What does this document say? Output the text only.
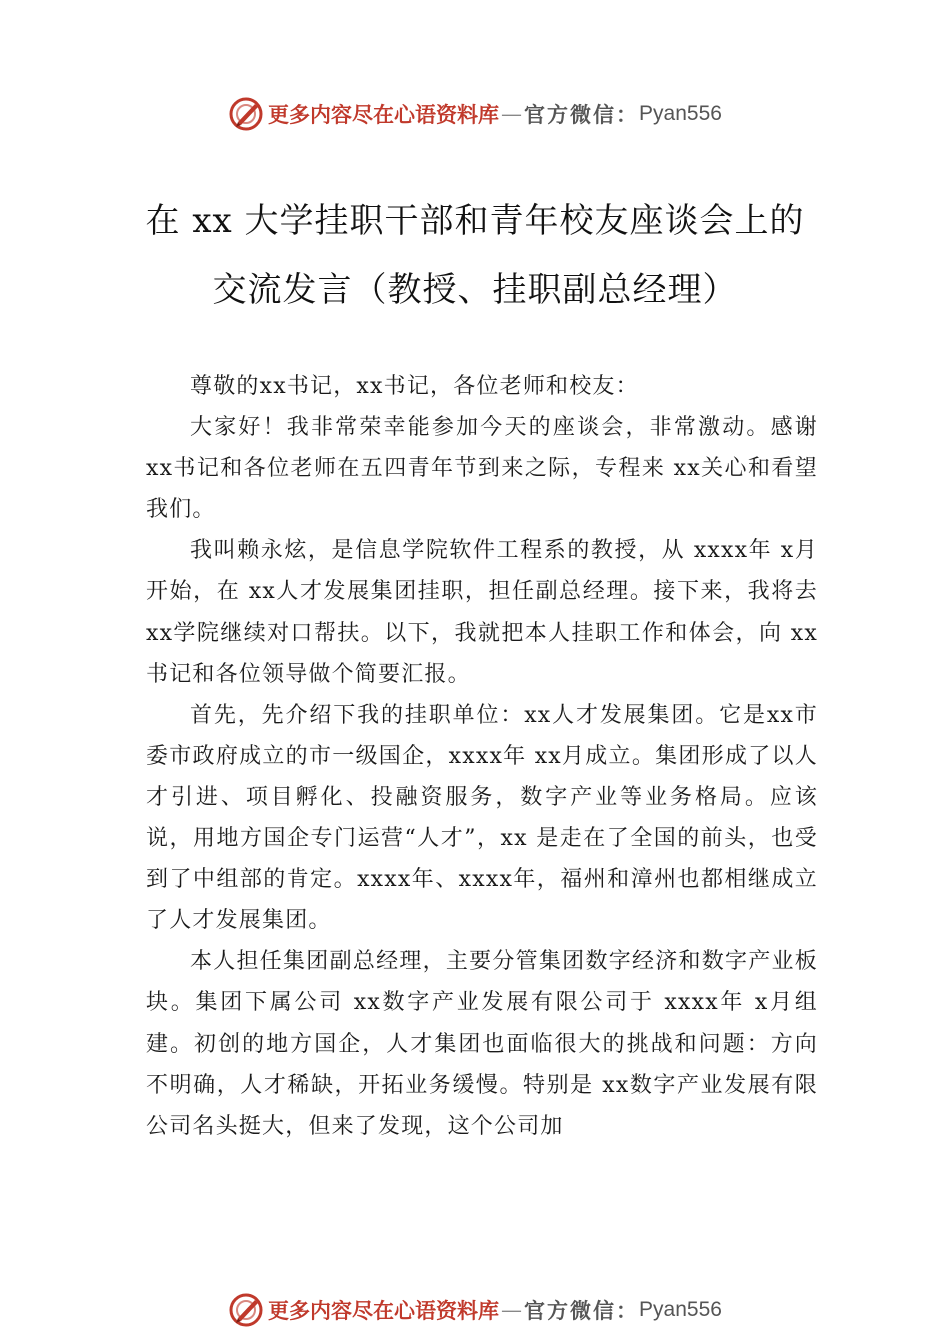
更多内容尽在心语资料库 — 官方微信： Pyan556
在 xx 大学挂职干部和青年校友座谈会上的
交流发言（教授、挂职副总经理）

尊敬的xx书记，xx书记，各位老师和校友：

大家好！我非常荣幸能参加今天的座谈会，非常激动。感谢 xx书记和各位老师在五四青年节到来之际，专程来 xx关心和看望我们。

我叫赖永炫，是信息学院软件工程系的教授，从 xxxx年 x月开始，在 xx人才发展集团挂职，担任副总经理。接下来，我将去 xx学院继续对口帮扶。以下，我就把本人挂职工作和体会，向 xx书记和各位领导做个简要汇报。

首先，先介绍下我的挂职单位：xx人才发展集团。它是xx市委市政府成立的市一级国企，xxxx年 xx月成立。集团形成了以人才引进、项目孵化、投融资服务，数字产业等业务格局。应该说，用地方国企专门运营“人才”，xx 是走在了全国的前头，也受到了中组部的肯定。xxxx年、xxxx年，福州和漳州也都相继成立了人才发展集团。

本人担任集团副总经理，主要分管集团数字经济和数字产业板块。集团下属公司 xx数字产业发展有限公司于 xxxx年 x月组建。初创的地方国企，人才集团也面临很大的挑战和问题：方向不明确，人才稀缺，开拓业务缓慢。特别是 xx数字产业发展有限公司名头挺大，但来了发现，这个公司加

更多内容尽在心语资料库 — 官方微信： Pyan556
